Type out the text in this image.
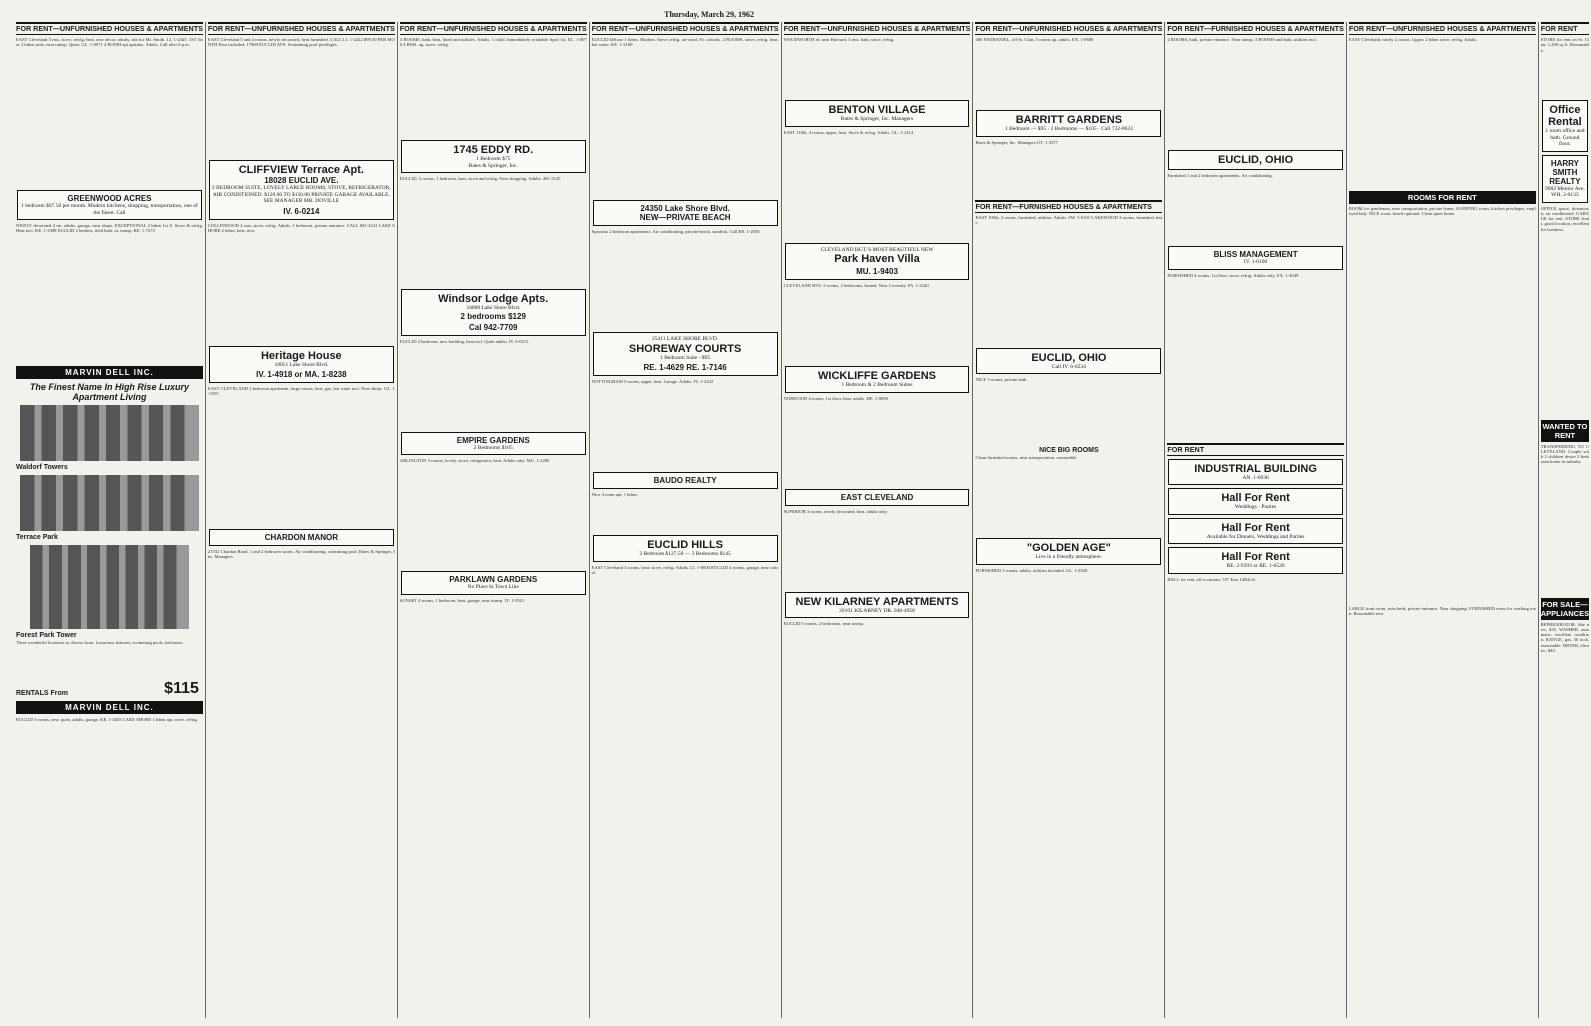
Thursday, March 29, 1962
FOR RENT—UNFURNISHED HOUSES & APARTMENTS
EAST Cleveland 3 rms, stove, refrig, heat, new decor; adults; ask for Mr. Smith. LI. 1-2345. 1ST floor 2 bdrm suite, near transp. Quiet. GL. 1-0071 4 ROOM apt upstairs. Adults. Call after 6 p.m.
GREENWOOD ACRES
1 bedroom $97.50 per month. Modern kitchens, shopping, transportation, one of the finest. Call
NEWLY decorated 4 rm, adults, garage, near shops. EXCEPTIONAL 2 bdrm 1st fl. Stove & refrig. Heat incl. KE. 1-3388 EUCLID 2 bedrms, tiled bath, nr. transp. RE. 1-7272
MARVIN DELL INC.
The Finest Name In High Rise Luxury Apartment Living
Waldorf Towers
Terrace Park
Forest Park Tower
Three wonderful locations to choose from. Luxurious features, swimming pools, balconies.
RENTALS From	$115
MARVIN DELL INC.
EUCLID 5 rooms, new, quiet, adults, garage. KE. 1-4455 LAKE SHORE 1 bdrm apt, stove, refrig.
FOR RENT—UNFURNISHED HOUSES & APARTMENTS
EAST Cleveland 5 and 4 rooms, newly decorated, heat furnished. CALL LI. 1-2222 $99.50 PER MONTH Four included. 17000 EUCLID AVE. Swimming pool privileges.
CLIFFVIEW Terrace Apt.
18028 EUCLID AVE.
2 BEDROOM SUITE, LOVELY LARGE ROOMS, STOVE, REFRIGERATOR, AIR CONDITIONED. $120.00 TO $130.00 PRIVATE GARAGE AVAILABLE.
SEE MANAGER MR. DOVILLE
IV. 6-0214
COLLINWOOD 4 rms, stove, refrig. Adults. 1 bedroom, private entrance. CALL 681-4212 LAKE SHORE 2 bdrm, heat, new.
Heritage House
18051 Lake Shore Blvd.
IV. 1-4918 or MA. 1-8238
EAST CLEVELAND 2 bedroom apartment, large rooms, heat, gas, hot water incl. Near shops. GL. 1-5555
CHARDON MANOR
21532 Chardon Road, 1 and 2 bedroom suites. Air conditioning, swimming pool. Bates & Springer, Inc. Managers.
FOR RENT—UNFURNISHED HOUSES & APARTMENTS
3 ROOMS, bath, heat, lined and utilities. Adults. 1 child. Immediately available April 1st. EL. 1-0070 4 RMS. up, stove, refrig.
1745 EDDY RD.
1 Bedroom $75
Bates & Springer, Inc.
EUCLID, 3 rooms, 1 bedroom, heat, stove and refrig. Near shopping. Adults. 481-5120
Windsor Lodge Apts.
34800 Lake Shore Blvd.
2 bedrooms $129
Cal 942-7709
EUCLID 2 bedroom, new building, heat incl. Quiet adults. IV. 6-0213
EMPIRE GARDENS
2 Bedrooms $105
ARLINGTON 3 rooms, lovely, stove, refrigerator, heat. Adults only. MU. 1-2200
PARKLAWN GARDENS
No Place In Town Like
SUNSET 4 rooms, 1 bedroom, heat, garage, near transp. IV. 1-5521
FOR RENT—UNFURNISHED HOUSES & APARTMENTS
EUCLID Deluxe 1 bdrm. Modern. Stove refrig. air-cond. Nr. schools. 2 ROOMS, stove, refrig. heat, hot water. KE. 1-3100
24350 Lake Shore Blvd.
NEW—PRIVATE BEACH
Spacious 2 bedroom apartments. Air conditioning, private beach, sundeck. Call RE. 1-2050
25411 LAKE SHORE BLVD.
SHOREWAY COURTS
1 Bedroom Suite - $95
RE. 1-4629 RE. 1-7146
NOTTINGHAM 5 rooms, upper, heat. Garage. Adults. IV. 1-3232
BAUDO REALTY
Nice 4 room apt, 1 bdrm.
EUCLID HILLS
2 Bedroom $127.50 — 3 Bedrooms $145
EAST Cleveland 3 rooms, heat, stove, refrig. Adults. LI. 1-6600 EUCLID 4 rooms, garage, near school.
FOR RENT—UNFURNISHED HOUSES & APARTMENTS
WOODWORTH rd. near Harvard, 3 rms. bath, stove, refrig.
BENTON VILLAGE
Bates & Springer, Inc. Managers
EAST 118th, 4 rooms, upper, heat. Stove & refrig. Adults. GL. 1-1414
CLEVELAND HGT.'S MOST BEAUTIFUL NEW
Park Haven Villa
MU. 1-9403
CLEVELAND HTS. 5 rooms, 2 bedrooms, heated. Near Coventry. FA. 1-2240
WICKLIFFE GARDENS
1 Bedroom & 2 Bedroom Suites
NORWOOD 4 rooms, 1st floor, heat, adults. HE. 1-0090
EAST CLEVELAND
SUPERIOR 3 rooms, newly decorated, heat, adults only.
NEW KILARNEY APARTMENTS
26101 KILARNEY DR. 946-4958
EUCLID 5 rooms, 2 bedrooms, near transp.
FOR RENT—UNFURNISHED HOUSES & APARTMENTS
400 NATHANIEL, off St. Clair, 5 rooms up, adults. EN. 1-0606
BARRITT GARDENS
1 Bedroom — $95 · 2 Bedrooms — $105 · Call 732-8633
Bates & Springer, Inc. Managers UT. 1-3377
FOR RENT—FURNISHED HOUSES & APARTMENTS
EAST 105th, 2 rooms, furnished, utilities. Adults. SW. 5-0101 LAKEWOOD 3 rooms, furnished, heat.
EUCLID, OHIO
Call IV. 6-6234
NICE 3 rooms, private bath.
NICE BIG ROOMS
Clean furnished rooms, near transportation, reasonable.
"GOLDEN AGE"
Live in a friendly atmosphere.
FURNISHED 3 rooms, adults, utilities included. GL. 1-2020
FOR RENT—FURNISHED HOUSES & APARTMENTS
2 ROOMS, bath, private entrance. Near transp. 3 ROOMS and bath, utilities incl.
EUCLID, OHIO
Furnished 1 and 2 bedroom apartments. Air conditioning.
BLISS MANAGEMENT
IV. 1-0100
FURNISHED 4 rooms, 1st floor, stove, refrig. Adults only. EX. 1-4949
FOR RENT
INDUSTRIAL BUILDING
AN. 1-0936
Hall For Rent
Weddings · Parties
Hall For Rent
Available for Dinners, Weddings and Parties
Hall For Rent
RE. 2-9393 or RE. 1-6526
HALL for rent, all occasions, 537 East 140th St.
FOR RENT—UNFURNISHED HOUSES & APARTMENTS
EAST Cleveland, nicely 2 rooms. Upper. 2 bdrm stove, refrig. Adults.
ROOMS FOR RENT
ROOM for gentleman, near transportation, private home. SLEEPING room, kitchen privileges, employed lady. NICE room, board optional. Clean quiet home.
LARGE front room, twin beds, private entrance. Near shopping. FURNISHED room for working man. Reasonable rent.
FOR RENT
STORE for rent on St. Clair, 1,200 sq ft. Reasonable.
Office Rental
1 room office and bath. Ground floor.
HARRY SMITH REALTY
9082 Mentor Ave. WH. 2-0133
OFFICE space, downtown, air conditioned. GARAGE for rent. STORE front, good location, excellent for business.
WANTED TO RENT
TRANSFERRING TO CLEVELAND. Couple with 2 children desire 3 bedroom home in suburbs.
FOR SALE—APPLIANCES
REFRIGERATOR, like new, $35. WASHER, automatic, excellent condition. RANGE, gas, 30 inch, reasonable. DRYER, electric, $40.
